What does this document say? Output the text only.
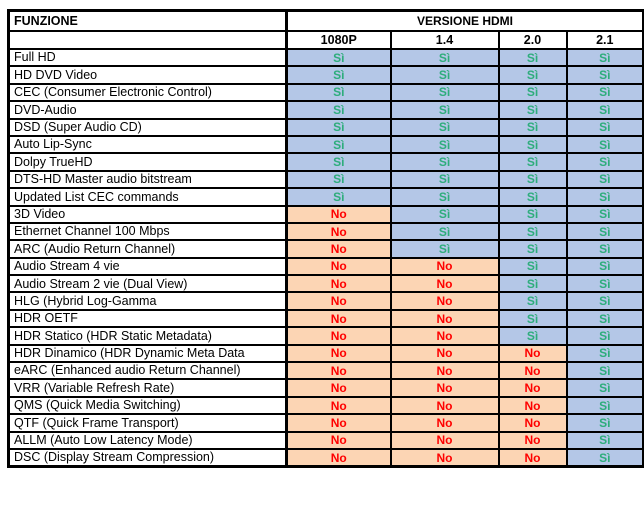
FUNZIONE	VERSIONE HDMI			
	1080P	1.4	2.0	2.1
Full HD	Sì	Sì	Sì	Sì
HD DVD Video	Sì	Sì	Sì	Sì
CEC (Consumer Electronic Control)	Sì	Sì	Sì	Sì
DVD-Audio	Sì	Sì	Sì	Sì
DSD (Super Audio CD)	Sì	Sì	Sì	Sì
Auto Lip-Sync	Sì	Sì	Sì	Sì
Dolpy TrueHD	Sì	Sì	Sì	Sì
DTS-HD Master audio bitstream	Sì	Sì	Sì	Sì
Updated List CEC commands	Sì	Sì	Sì	Sì
3D Video	No	Sì	Sì	Sì
Ethernet Channel 100 Mbps	No	Sì	Sì	Sì
ARC (Audio Return Channel)	No	Sì	Sì	Sì
Audio Stream 4 vie	No	No	Sì	Sì
Audio Stream 2 vie (Dual View)	No	No	Sì	Sì
HLG (Hybrid Log-Gamma	No	No	Sì	Sì
HDR OETF	No	No	Sì	Sì
HDR Statico (HDR Static Metadata)	No	No	Sì	Sì
HDR Dinamico (HDR Dynamic Meta Data	No	No	No	Sì
eARC (Enhanced audio Return Channel)	No	No	No	Sì
VRR (Variable Refresh Rate)	No	No	No	Sì
QMS (Quick Media Switching)	No	No	No	Sì
QTF (Quick Frame Transport)	No	No	No	Sì
ALLM (Auto Low Latency Mode)	No	No	No	Sì
DSC (Display Stream Compression)	No	No	No	Sì
